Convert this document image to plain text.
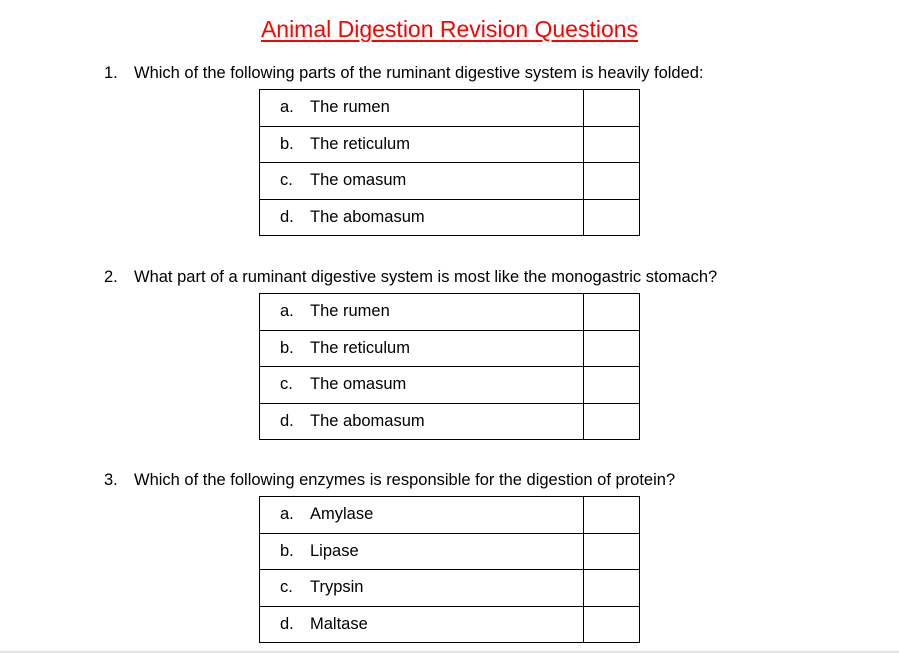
Animal Digestion Revision Questions
1. Which of the following parts of the ruminant digestive system is heavily folded:
a. The rumen	
b. The reticulum	
c. The omasum	
d. The abomasum	
2. What part of a ruminant digestive system is most like the monogastric stomach?
a. The rumen	
b. The reticulum	
c. The omasum	
d. The abomasum	
3. Which of the following enzymes is responsible for the digestion of protein?
a. Amylase	
b. Lipase	
c. Trypsin	
d. Maltase	
